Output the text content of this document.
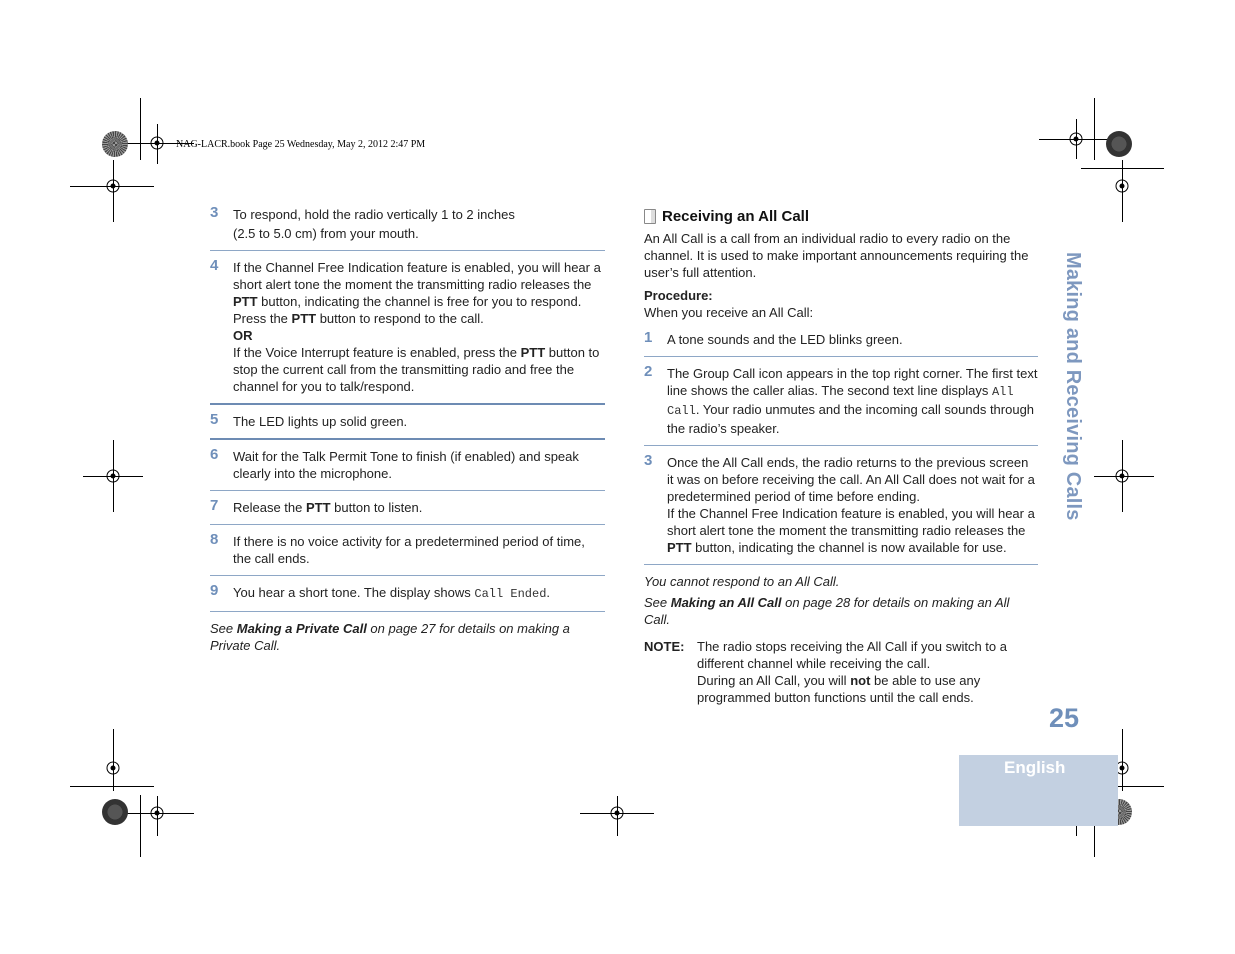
NAG-LACR.book Page 25 Wednesday, May 2, 2012 2:47 PM
3 To respond, hold the radio vertically 1 to 2 inches
(2.5 to 5.0 cm) from your mouth.
4 If the Channel Free Indication feature is enabled, you will hear a short alert tone the moment the transmitting radio releases the PTT button, indicating the channel is free for you to respond.
Press the PTT button to respond to the call.
OR
If the Voice Interrupt feature is enabled, press the PTT button to stop the current call from the transmitting radio and free the channel for you to talk/respond.
5 The LED lights up solid green.
6 Wait for the Talk Permit Tone to finish (if enabled) and speak clearly into the microphone.
7 Release the PTT button to listen.
8 If there is no voice activity for a predetermined period of time, the call ends.
9 You hear a short tone. The display shows Call Ended.
See Making a Private Call on page 27 for details on making a Private Call.
Receiving an All Call
An All Call is a call from an individual radio to every radio on the channel. It is used to make important announcements requiring the user’s full attention.
Procedure:
When you receive an All Call:
1 A tone sounds and the LED blinks green.
2 The Group Call icon appears in the top right corner. The first text line shows the caller alias. The second text line displays All Call. Your radio unmutes and the incoming call sounds through the radio’s speaker.
3 Once the All Call ends, the radio returns to the previous screen it was on before receiving the call. An All Call does not wait for a predetermined period of time before ending.
If the Channel Free Indication feature is enabled, you will hear a short alert tone the moment the transmitting radio releases the PTT button, indicating the channel is now available for use.
You cannot respond to an All Call.
See Making an All Call on page 28 for details on making an All Call.
NOTE: The radio stops receiving the All Call if you switch to a different channel while receiving the call.
During an All Call, you will not be able to use any programmed button functions until the call ends.
Making and Receiving Calls
25
English
